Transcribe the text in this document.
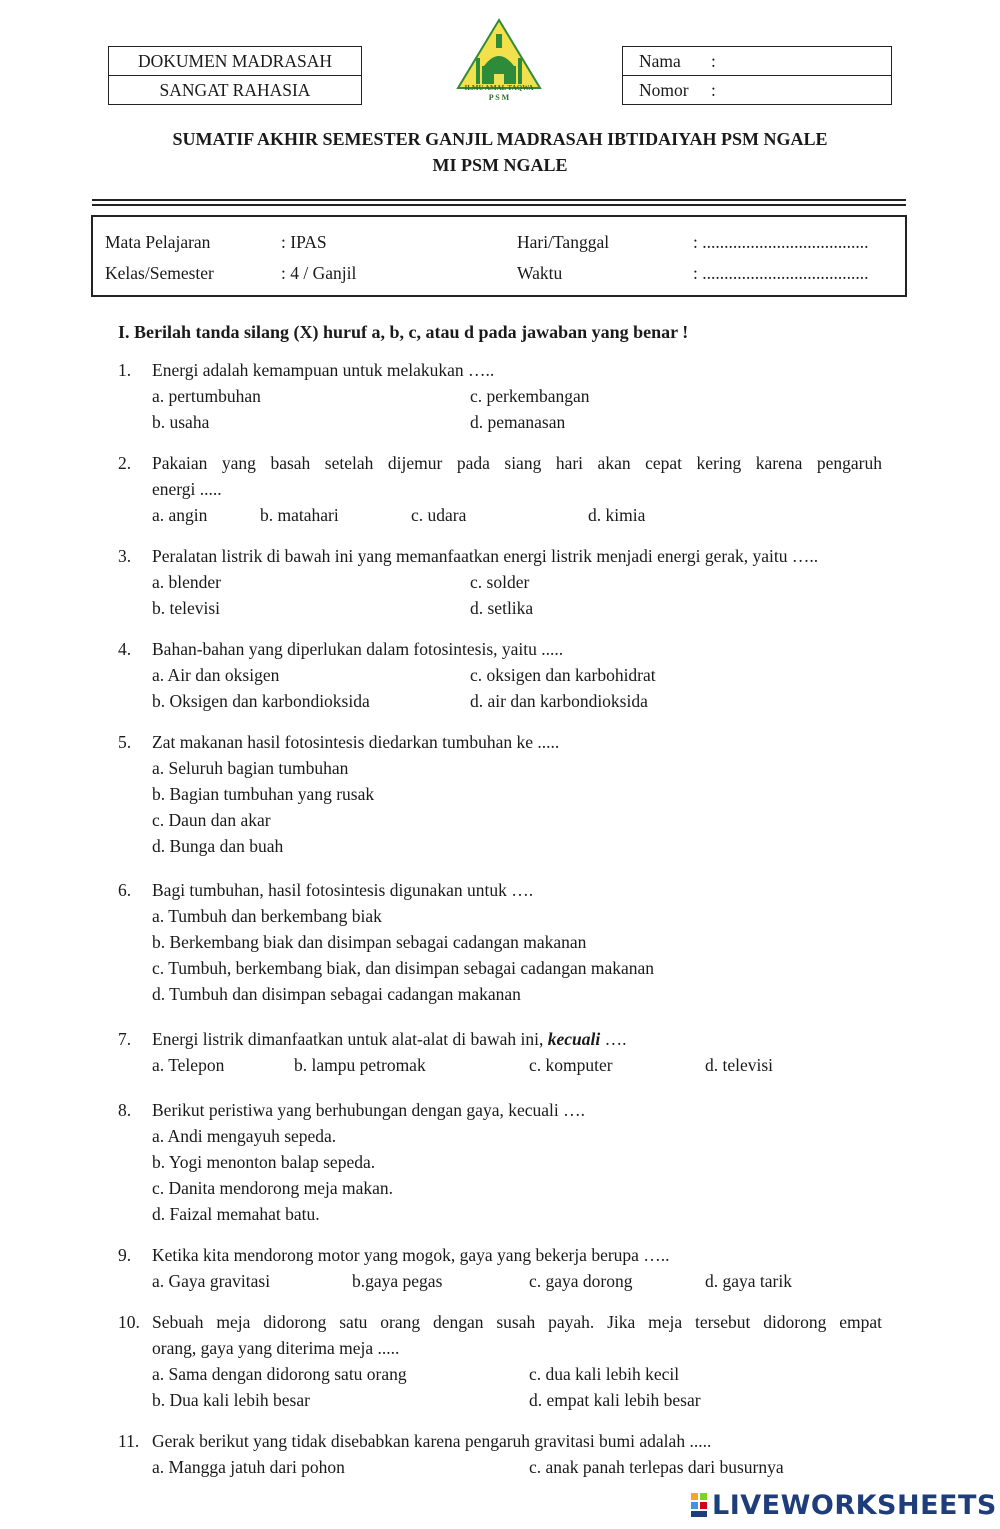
DOKUMEN MADRASAH
SANGAT RAHASIA	ILMU AMAL TAQWA
P S M
Nama :
Nomor :
SUMATIF AKHIR SEMESTER GANJIL MADRASAH IBTIDAIYAH PSM NGALE
MI PSM NGALE
Mata Pelajaran	: IPAS	Hari/Tanggal	: ......................................
Kelas/Semester	: 4 / Ganjil	Waktu	: ......................................
I. Berilah tanda silang (X) huruf a, b, c, atau d pada jawaban yang benar !
1. Energi adalah kemampuan untuk melakukan …..
a. pertumbuhan	c. perkembangan
b. usaha	d. pemanasan
2. Pakaian yang basah setelah dijemur pada siang hari akan cepat kering karena pengaruh
energi .....
a. angin	b. matahari	c. udara	d. kimia
3. Peralatan listrik di bawah ini yang memanfaatkan energi listrik menjadi energi gerak, yaitu …..
a. blender	c. solder
b. televisi	d. setlika
4. Bahan-bahan yang diperlukan dalam fotosintesis, yaitu .....
a. Air dan oksigen	c. oksigen dan karbohidrat
b. Oksigen dan karbondioksida	d. air dan karbondioksida
5. Zat makanan hasil fotosintesis diedarkan tumbuhan ke .....
a. Seluruh bagian tumbuhan
b. Bagian tumbuhan yang rusak
c. Daun dan akar
d. Bunga dan buah
6. Bagi tumbuhan, hasil fotosintesis digunakan untuk ….
a. Tumbuh dan berkembang biak
b. Berkembang biak dan disimpan sebagai cadangan makanan
c. Tumbuh, berkembang biak, dan disimpan sebagai cadangan makanan
d. Tumbuh dan disimpan sebagai cadangan makanan
7. Energi listrik dimanfaatkan untuk alat-alat di bawah ini, kecuali ….
a. Telepon	b. lampu petromak	c. komputer	d. televisi
8. Berikut peristiwa yang berhubungan dengan gaya, kecuali ….
a. Andi mengayuh sepeda.
b. Yogi menonton balap sepeda.
c. Danita mendorong meja makan.
d. Faizal memahat batu.
9. Ketika kita mendorong motor yang mogok, gaya yang bekerja berupa …..
a. Gaya gravitasi	b.gaya pegas	c. gaya dorong	d. gaya tarik
10. Sebuah meja didorong satu orang dengan susah payah. Jika meja tersebut didorong empat
orang, gaya yang diterima meja .....
a. Sama dengan didorong satu orang	c. dua kali lebih kecil
b. Dua kali lebih besar	d. empat kali lebih besar
11. Gerak berikut yang tidak disebabkan karena pengaruh gravitasi bumi adalah .....
a. Mangga jatuh dari pohon	c. anak panah terlepas dari busurnya
LIVEWORKSHEETS
